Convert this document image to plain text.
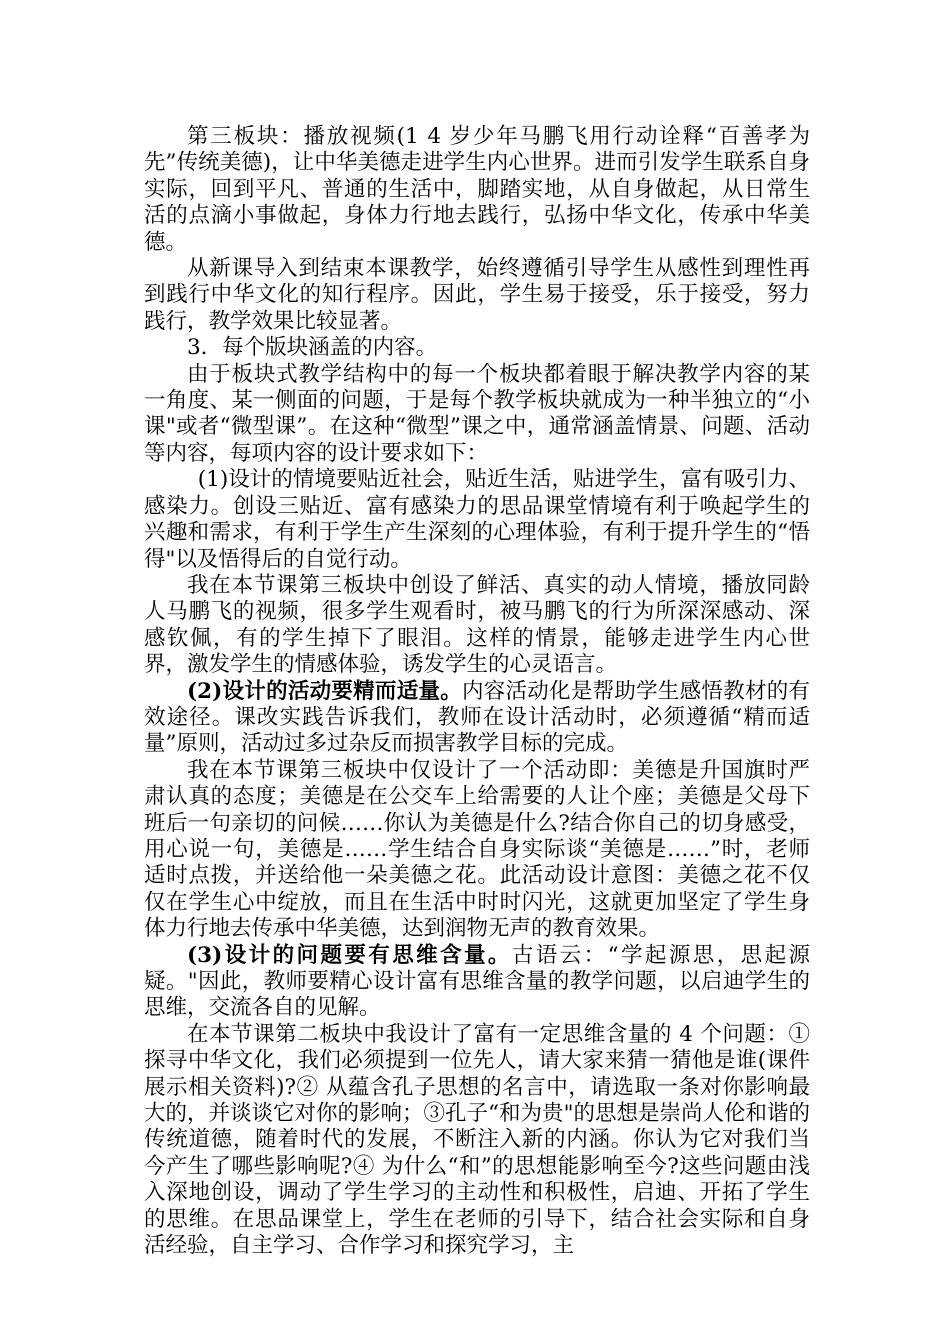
第三板块：播放视频(1 4 岁少年马鹏飞用行动诠释“百善孝为先”传统美德)，让中华美德走进学生内心世界。进而引发学生联系自身实际，回到平凡、普通的生活中，脚踏实地，从自身做起，从日常生活的点滴小事做起，身体力行地去践行，弘扬中华文化，传承中华美德。

从新课导入到结束本课教学，始终遵循引导学生从感性到理性再到践行中华文化的知行程序。因此，学生易于接受，乐于接受，努力践行，教学效果比较显著。

3．每个版块涵盖的内容。

由于板块式教学结构中的每一个板块都着眼于解决教学内容的某一角度、某一侧面的问题，于是每个教学板块就成为一种半独立的“小课"或者“微型课”。在这种“微型”课之中，通常涵盖情景、问题、活动等内容，每项内容的设计要求如下：

(1)设计的情境要贴近社会，贴近生活，贴进学生，富有吸引力、感染力。创设三贴近、富有感染力的思品课堂情境有利于唤起学生的兴趣和需求，有利于学生产生深刻的心理体验，有利于提升学生的“悟得"以及悟得后的自觉行动。

我在本节课第三板块中创设了鲜活、真实的动人情境，播放同龄人马鹏飞的视频，很多学生观看时，被马鹏飞的行为所深深感动、深感钦佩，有的学生掉下了眼泪。这样的情景，能够走进学生内心世界，激发学生的情感体验，诱发学生的心灵语言。

(2)设计的活动要精而适量。内容活动化是帮助学生感悟教材的有效途径。课改实践告诉我们，教师在设计活动时，必须遵循“精而适量”原则，活动过多过杂反而损害教学目标的完成。

我在本节课第三板块中仅设计了一个活动即：美德是升国旗时严肃认真的态度；美德是在公交车上给需要的人让个座；美德是父母下班后一句亲切的问候……你认为美德是什么?结合你自己的切身感受，用心说一句，美德是……学生结合自身实际谈“美德是……”时，老师适时点拨，并送给他一朵美德之花。此活动设计意图：美德之花不仅仅在学生心中绽放，而且在生活中时时闪光，这就更加坚定了学生身体力行地去传承中华美德，达到润物无声的教育效果。

(3)设计的问题要有思维含量。古语云：“学起源思，思起源疑。"因此，教师要精心设计富有思维含量的教学问题，以启迪学生的思维，交流各自的见解。

在本节课第二板块中我设计了富有一定思维含量的 4 个问题：①探寻中华文化，我们必须提到一位先人，请大家来猜一猜他是谁(课件展示相关资料)?② 从蕴含孔子思想的名言中，请选取一条对你影响最大的，并谈谈它对你的影响；③孔子“和为贵"的思想是崇尚人伦和谐的传统道德，随着时代的发展，不断注入新的内涵。你认为它对我们当今产生了哪些影响呢?④ 为什么“和”的思想能影响至今?这些问题由浅入深地创设，调动了学生学习的主动性和积极性，启迪、开拓了学生的思维。在思品课堂上，学生在老师的引导下，结合社会实际和自身活经验，自主学习、合作学习和探究学习，主
